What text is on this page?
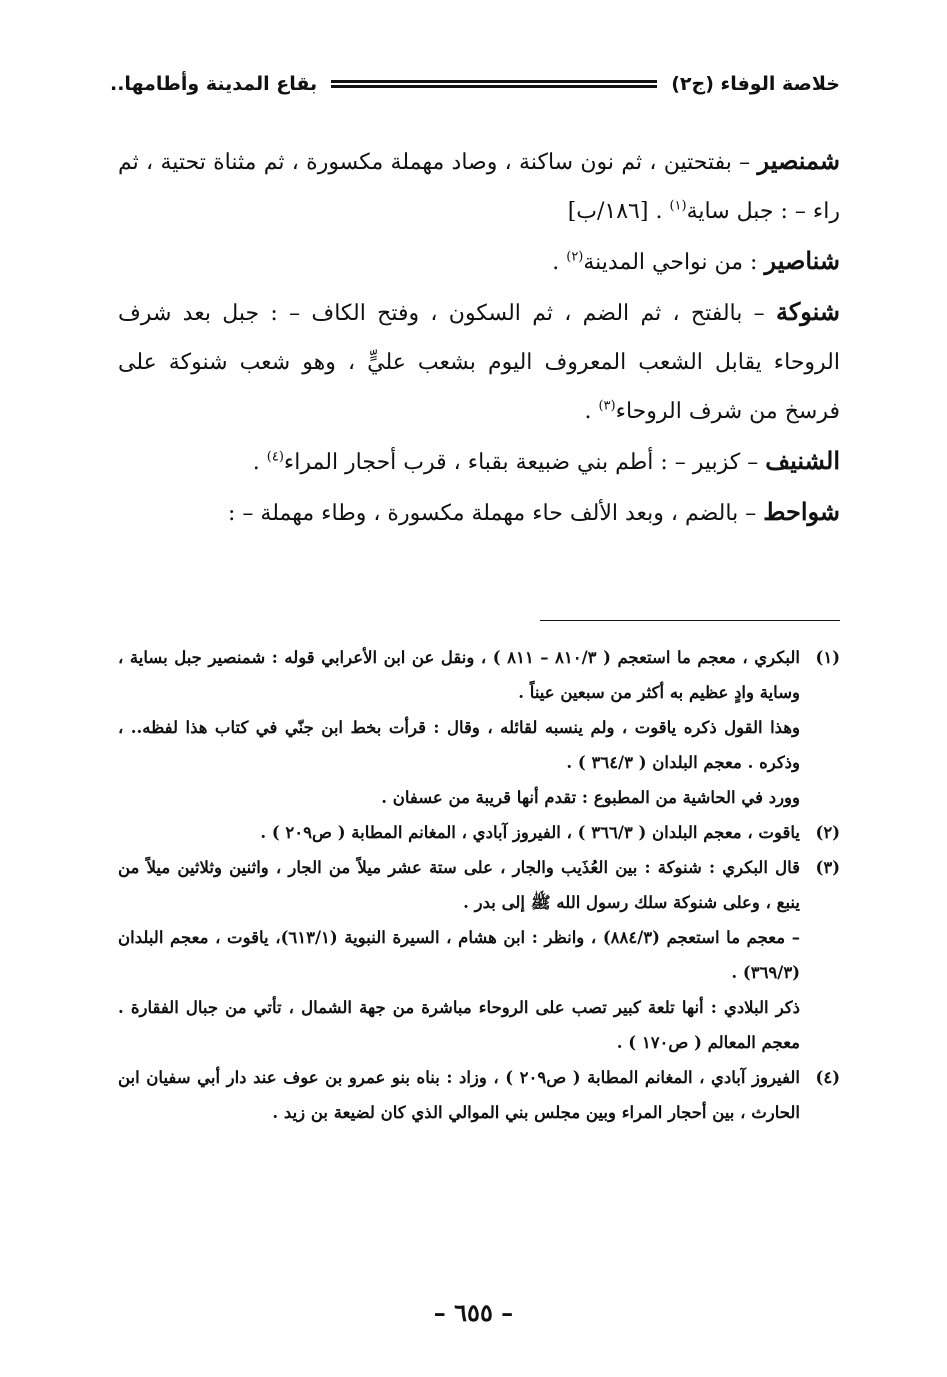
خلاصة الوفاء (ج٢)
بقاع المدينة وأطامها..

شمنصير – بفتحتين ، ثم نون ساكنة ، وصاد مهملة مكسورة ، ثم مثناة تحتية ، ثم راء – : جبل ساية$^{(١)}$ . [١٨٦/ب]

شناصير : من نواحي المدينة$^{(٢)}$ .

شنوكة – بالفتح ، ثم الضم ، ثم السكون ، وفتح الكاف – : جبل بعد شرف الروحاء يقابل الشعب المعروف اليوم بشعب عليٍّ ، وهو شعب شنوكة على فرسخ من شرف الروحاء$^{(٣)}$ .

الشنيف – كزبير – : أطم بني ضبيعة بقباء ، قرب أحجار المراء$^{(٤)}$ .

شواحط – بالضم ، وبعد الألف حاء مهملة مكسورة ، وطاء مهملة – :

(١)

البكري ، معجم ما استعجم ( ٨١٠/٣ – ٨١١ ) ، ونقل عن ابن الأعرابي قوله : شمنصير جبل بساية ، وساية وادٍ عظيم به أكثر من سبعين عيناً .

وهذا القول ذكره ياقوت ، ولم ينسبه لقائله ، وقال : قرأت بخط ابن جنّي في كتاب هذا لفظه.. ، وذكره . معجم البلدان ( ٣٦٤/٣ ) .

وورد في الحاشية من المطبوع : تقدم أنها قريبة من عسفان .

(٢)

ياقوت ، معجم البلدان ( ٣٦٦/٣ ) ، الفيروز آبادي ، المغانم المطابة ( ص٢٠٩ ) .

(٣)

قال البكري : شنوكة : بين العُذَيب والجار ، على ستة عشر ميلاً من الجار ، واثنين وثلاثين ميلاً من ينبع ، وعلى شنوكة سلك رسول الله ﷺ إلى بدر .

– معجم ما استعجم (٨٨٤/٣) ، وانظر : ابن هشام ، السيرة النبوية (٦١٣/١)، ياقوت ، معجم البلدان (٣٦٩/٣) .

ذكر البلادي : أنها تلعة كبير تصب على الروحاء مباشرة من جهة الشمال ، تأتي من جبال الفقارة . معجم المعالم ( ص١٧٠ ) .

(٤)

الفيروز آبادي ، المغانم المطابة ( ص٢٠٩ ) ، وزاد : بناه بنو عمرو بن عوف عند دار أبي سفيان ابن الحارث ، بين أحجار المراء وبين مجلس بني الموالي الذي كان لضيعة بن زيد .

– ٦٥٥ –
